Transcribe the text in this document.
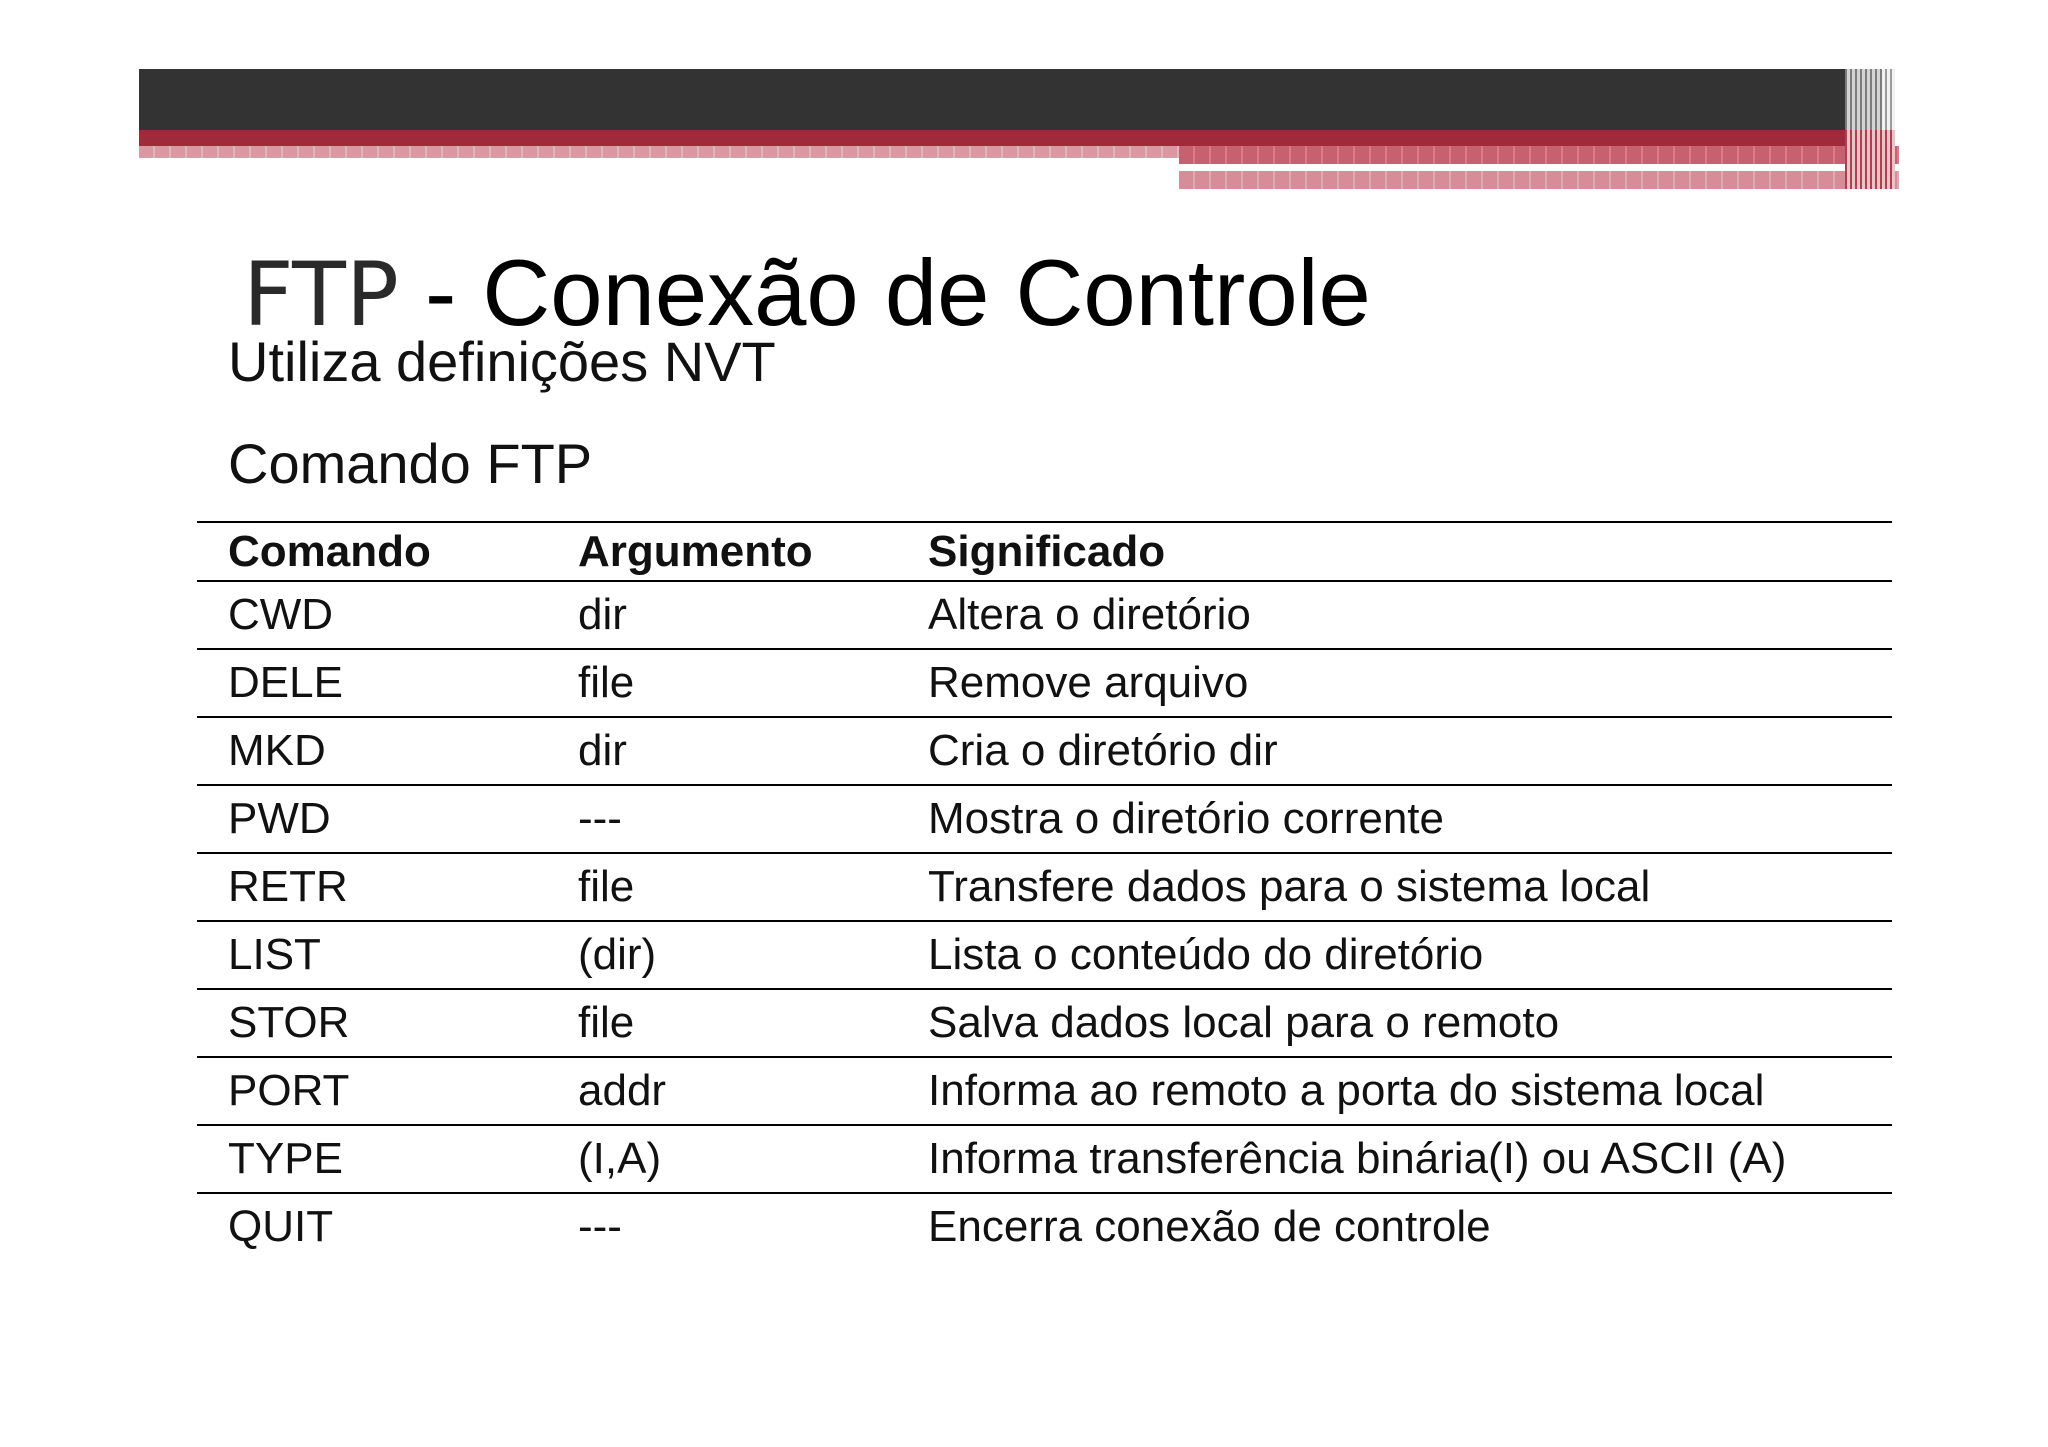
FTP - Conexão de Controle
Utiliza definições NVT
Comando FTP
Comando	Argumento	Significado
CWD	dir	Altera o diretório
DELE	file	Remove arquivo
MKD	dir	Cria o diretório dir
PWD	---	Mostra o diretório corrente
RETR	file	Transfere dados para o sistema local
LIST	(dir)	Lista o conteúdo do diretório
STOR	file	Salva dados local para o remoto
PORT	addr	Informa ao remoto a porta do sistema local
TYPE	(I,A)	Informa transferência binária(I) ou ASCII (A)
QUIT	---	Encerra conexão de controle
